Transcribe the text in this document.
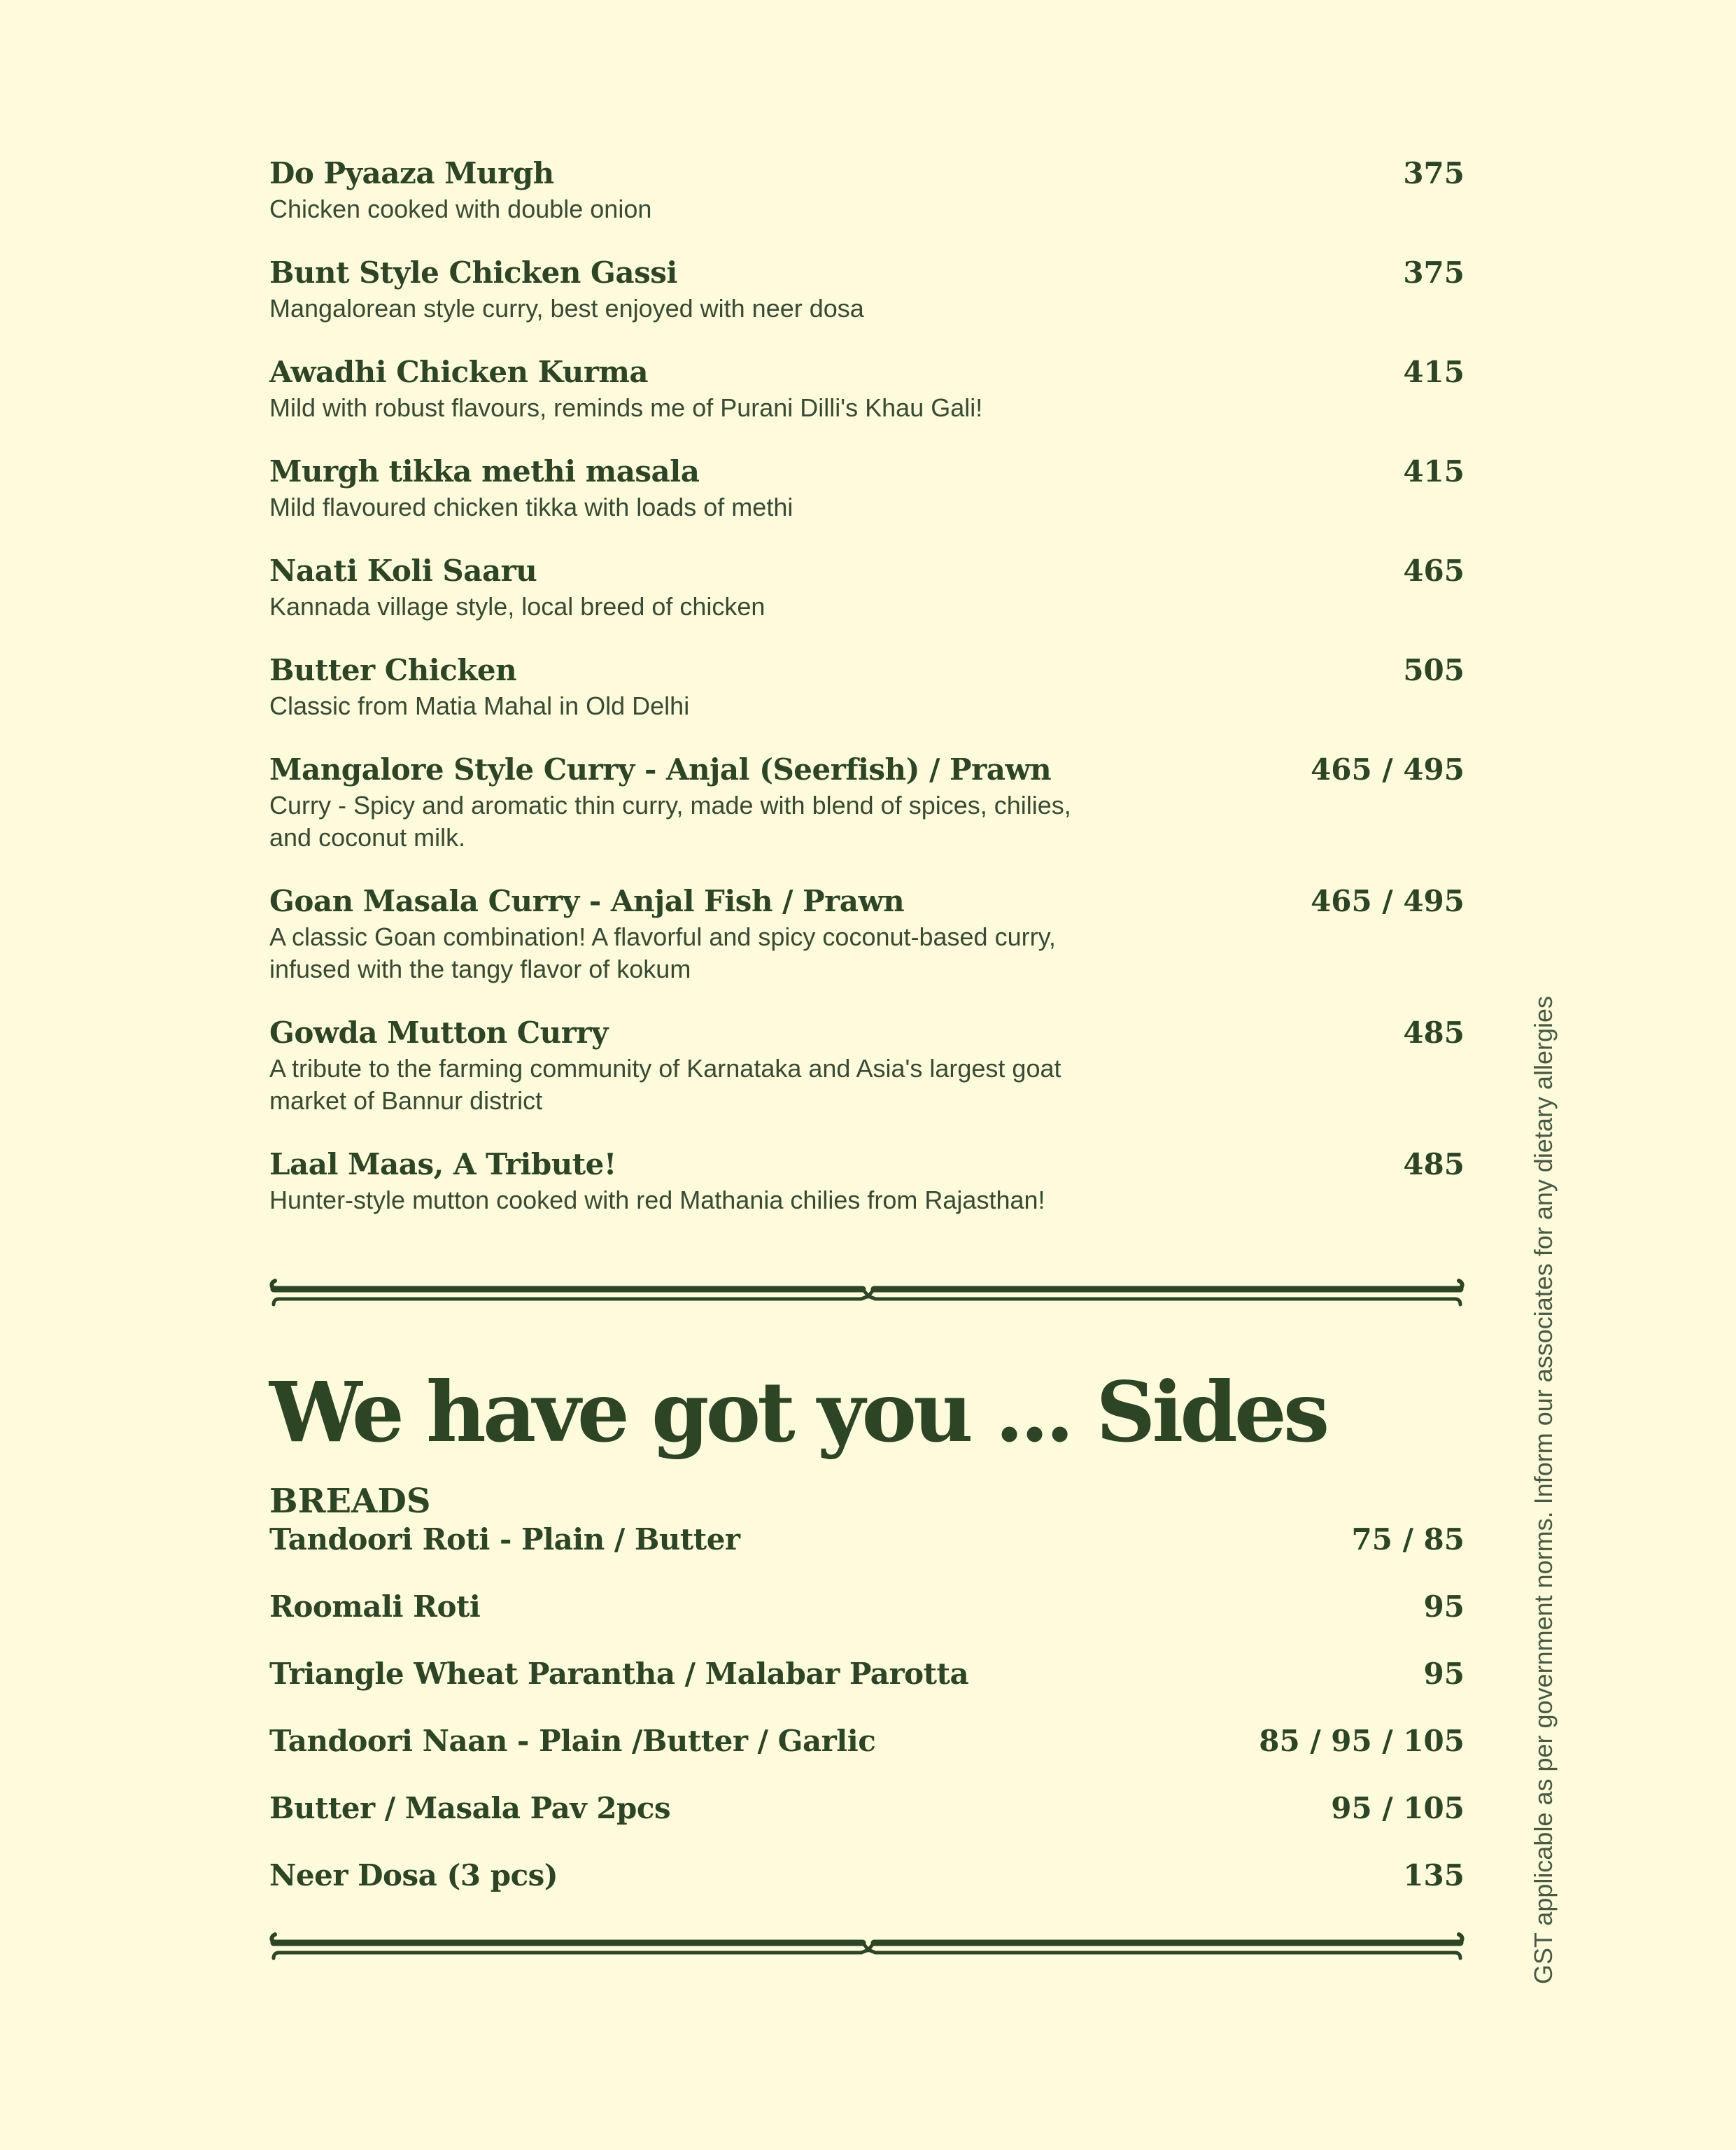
Do Pyaaza Murgh	375
Chicken cooked with double onion
Bunt Style Chicken Gassi	375
Mangalorean style curry, best enjoyed with neer dosa
Awadhi Chicken Kurma	415
Mild with robust flavours, reminds me of Purani Dilli's Khau Gali!
Murgh tikka methi masala	415
Mild flavoured chicken tikka with loads of methi
Naati Koli Saaru	465
Kannada village style, local breed of chicken
Butter Chicken	505
Classic from Matia Mahal in Old Delhi
Mangalore Style Curry - Anjal (Seerfish) / Prawn	465 / 495
Curry - Spicy and aromatic thin curry, made with blend of spices, chilies, and coconut milk.
Goan Masala Curry - Anjal Fish / Prawn	465 / 495
A classic Goan combination! A flavorful and spicy coconut-based curry, infused with the tangy flavor of kokum
Gowda Mutton Curry	485
A tribute to the farming community of Karnataka and Asia's largest goat market of Bannur district
Laal Maas, A Tribute!	485
Hunter-style mutton cooked with red Mathania chilies from Rajasthan!
We have got you ... Sides
BREADS
Tandoori Roti - Plain / Butter	75 / 85
Roomali Roti	95
Triangle Wheat Parantha / Malabar Parotta	95
Tandoori Naan - Plain /Butter / Garlic	85 / 95 / 105
Butter / Masala Pav 2pcs	95 / 105
Neer Dosa (3 pcs)	135	GST applicable as per government norms. Inform our associates for any dietary allergies
